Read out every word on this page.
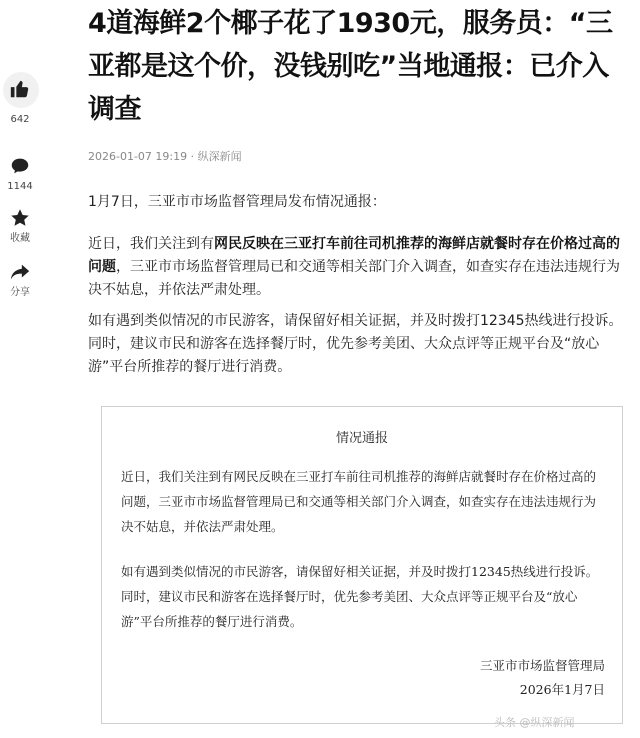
642
1144
收藏
分享
4道海鲜2个椰子花了1930元，服务员：“三亚都是这个价，没钱别吃”当地通报：已介入调查
2026-01-07 19:19 · 纵深新闻

1月7日，三亚市市场监督管理局发布情况通报：

近日，我们关注到有网民反映在三亚打车前往司机推荐的海鲜店就餐时存在价格过高的问题，三亚市市场监督管理局已和交通等相关部门介入调查，如查实存在违法违规行为决不姑息，并依法严肃处理。

如有遇到类似情况的市民游客，请保留好相关证据，并及时拨打12345热线进行投诉。同时，建议市民和游客在选择餐厅时，优先参考美团、大众点评等正规平台及“放心游”平台所推荐的餐厅进行消费。

情况通报

近日，我们关注到有网民反映在三亚打车前往司机推荐的海鲜店就餐时存在价格过高的问题，三亚市市场监督管理局已和交通等相关部门介入调查，如查实存在违法违规行为决不姑息，并依法严肃处理。

如有遇到类似情况的市民游客，请保留好相关证据，并及时拨打12345热线进行投诉。同时，建议市民和游客在选择餐厅时，优先参考美团、大众点评等正规平台及“放心游”平台所推荐的餐厅进行消费。

三亚市市场监督管理局
2026年1月7日
头条 @纵深新闻
